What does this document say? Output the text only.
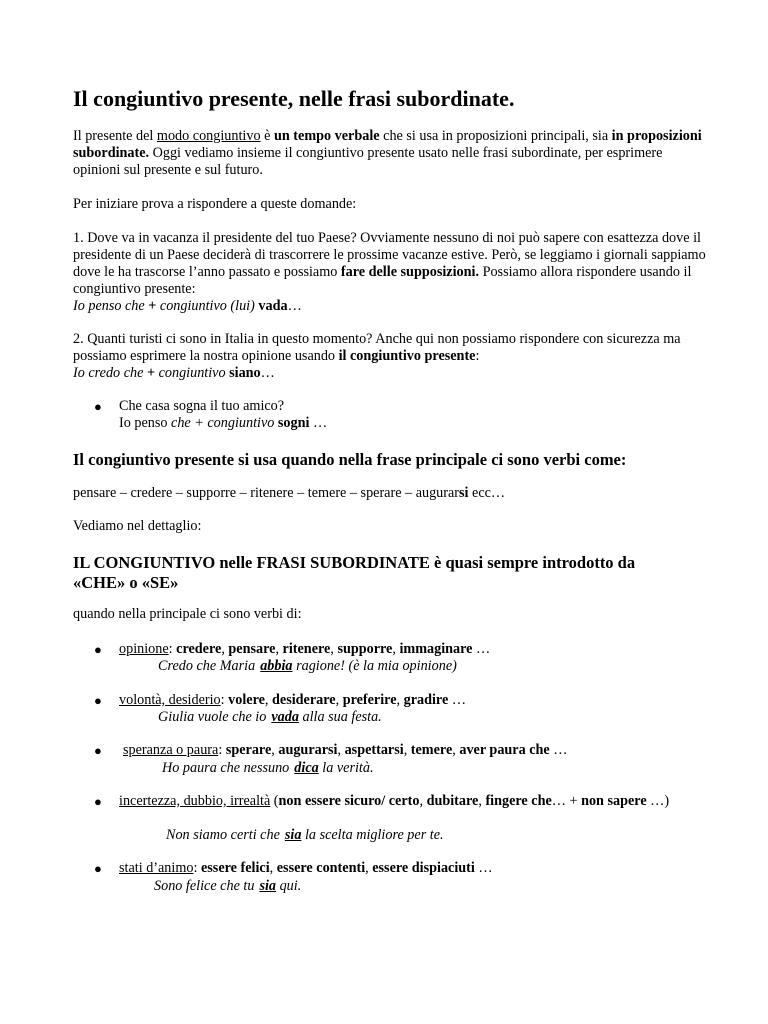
Il congiuntivo presente, nelle frasi subordinate.

Il presente del modo congiuntivo è un tempo verbale che si usa in proposizioni principali, sia in proposizioni subordinate. Oggi vediamo insieme il congiuntivo presente usato nelle frasi subordinate, per esprimere opinioni sul presente e sul futuro.

Per iniziare prova a rispondere a queste domande:

1. Dove va in vacanza il presidente del tuo Paese? Ovviamente nessuno di noi può sapere con esattezza dove il presidente di un Paese deciderà di trascorrere le prossime vacanze estive. Però, se leggiamo i giornali sappiamo dove le ha trascorse l’anno passato e possiamo fare delle supposizioni. Possiamo allora rispondere usando il congiuntivo presente:
Io penso che + congiuntivo (lui) vada…

2. Quanti turisti ci sono in Italia in questo momento? Anche qui non possiamo rispondere con sicurezza ma possiamo esprimere la nostra opinione usando il congiuntivo presente:
Io credo che + congiuntivo siano…

● Che casa sogna il tuo amico?
Io penso che + congiuntivo sogni …

Il congiuntivo presente si usa quando nella frase principale ci sono verbi come:

pensare – credere – supporre – ritenere – temere – sperare – augurarsi ecc…

Vediamo nel dettaglio:

IL CONGIUNTIVO nelle FRASI SUBORDINATE è quasi sempre introdotto da «CHE» o «SE»

quando nella principale ci sono verbi di:

● opinione: credere, pensare, ritenere, supporre, immaginare …

Credo che Maria abbia ragione! (è la mia opinione)
● volontà, desiderio: volere, desiderare, preferire, gradire …

Giulia vuole che io vada alla sua festa.
● speranza o paura: sperare, augurarsi, aspettarsi, temere, aver paura che …

Ho paura che nessuno dica la verità.
● incertezza, dubbio, irrealtà (non essere sicuro/ certo, dubitare, fingere che… + non sapere …)

Non siamo certi che sia la scelta migliore per te.
● stati d’animo: essere felici, essere contenti, essere dispiaciuti …

Sono felice che tu sia qui.
